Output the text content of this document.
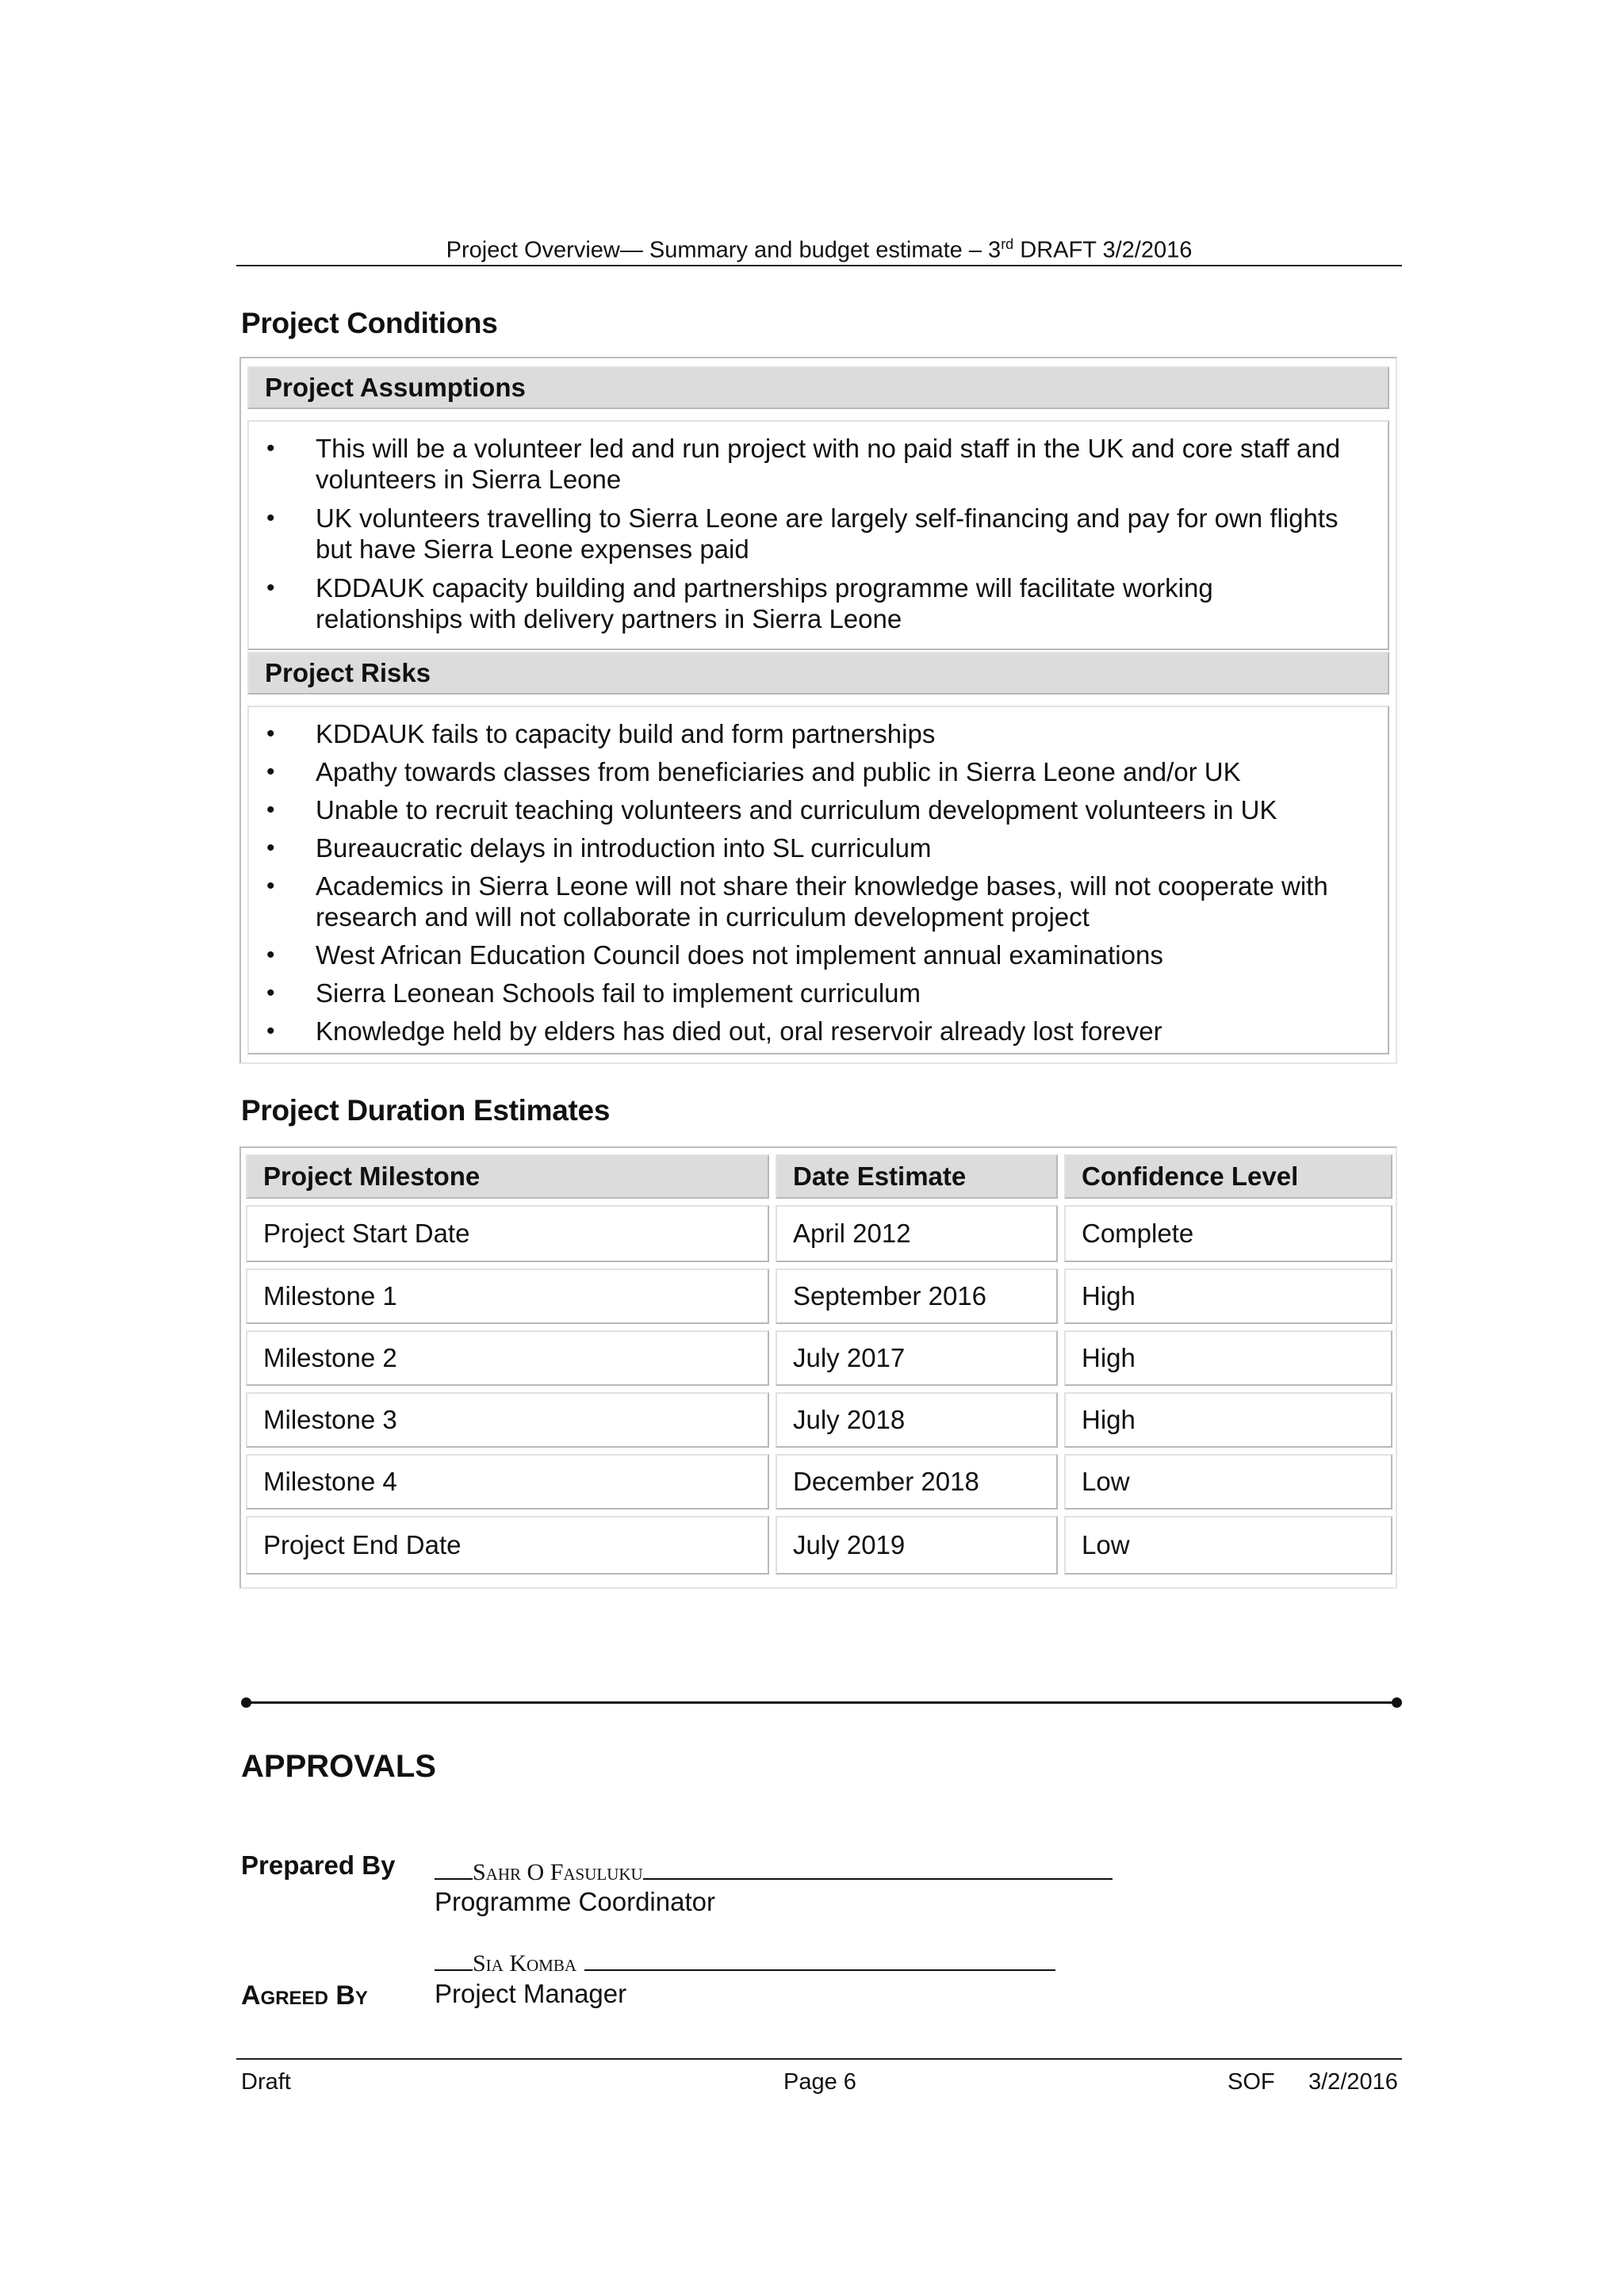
Project Overview— Summary and budget estimate – 3rd DRAFT 3/2/2016
Project Conditions
Project Assumptions
• This will be a volunteer led and run project with no paid staff in the UK and core staff and volunteers in Sierra Leone
• UK volunteers travelling to Sierra Leone are largely self-financing and pay for own flights but have Sierra Leone expenses paid
• KDDAUK capacity building and partnerships programme will facilitate working relationships with delivery partners in Sierra Leone
Project Risks
• KDDAUK fails to capacity build and form partnerships
• Apathy towards classes from beneficiaries and public in Sierra Leone and/or UK
• Unable to recruit teaching volunteers and curriculum development volunteers in UK
• Bureaucratic delays in introduction into SL curriculum
• Academics in Sierra Leone will not share their knowledge bases, will not cooperate with research and will not collaborate in curriculum development project
• West African Education Council does not implement annual examinations
• Sierra Leonean Schools fail to implement curriculum
• Knowledge held by elders has died out, oral reservoir already lost forever
Project Duration Estimates
Project Milestone	Date Estimate	Confidence Level
Project Start Date	April 2012	Complete
Milestone 1	September 2016	High
Milestone 2	July 2017	High
Milestone 3	July 2018	High
Milestone 4	December 2018	Low
Project End Date	July 2019	Low
APPROVALS
Prepared By	Sahr O Fasuluku
Programme Coordinator
Sia Komba
Agreed By	Project Manager
Draft	Page 6	SOF 3/2/2016
